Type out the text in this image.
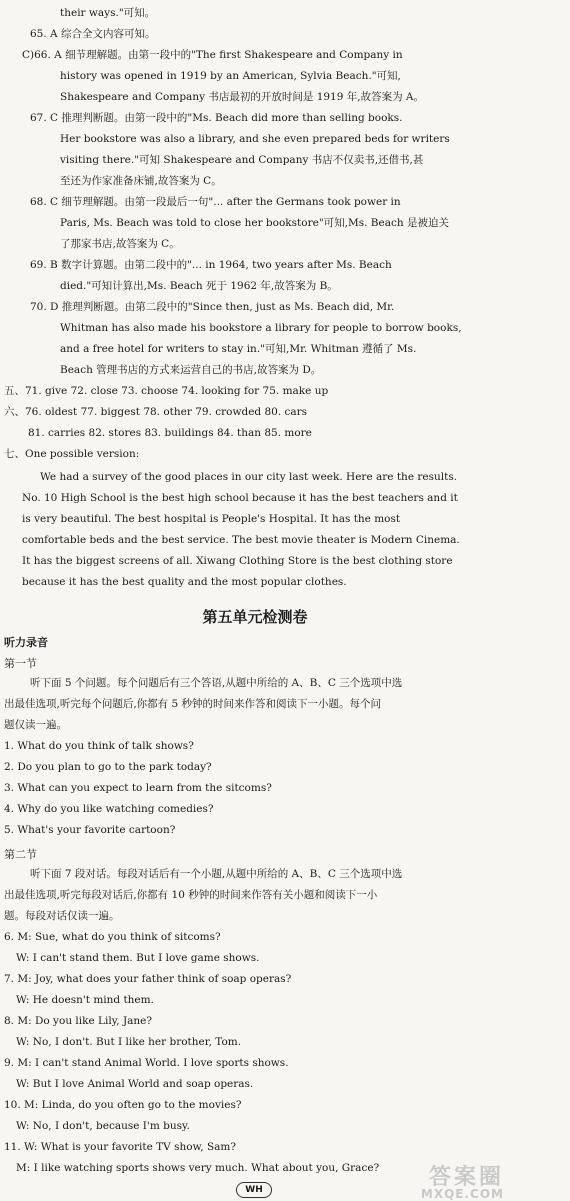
their ways."可知。
65. A 综合全文内容可知。
C)66. A 细节理解题。由第一段中的"The first Shakespeare and Company in
history was opened in 1919 by an American, Sylvia Beach."可知,
Shakespeare and Company 书店最初的开放时间是 1919 年,故答案为 A。
67. C 推理判断题。由第一段中的"Ms. Beach did more than selling books.
Her bookstore was also a library, and she even prepared beds for writers
visiting there."可知 Shakespeare and Company 书店不仅卖书,还借书,甚
至还为作家准备床铺,故答案为 C。
68. C 细节理解题。由第一段最后一句"... after the Germans took power in
Paris, Ms. Beach was told to close her bookstore"可知,Ms. Beach 是被迫关
了那家书店,故答案为 C。
69. B 数字计算题。由第二段中的"... in 1964, two years after Ms. Beach
died."可知计算出,Ms. Beach 死于 1962 年,故答案为 B。
70. D 推理判断题。由第二段中的"Since then, just as Ms. Beach did, Mr.
Whitman has also made his bookstore a library for people to borrow books,
and a free hotel for writers to stay in."可知,Mr. Whitman 遵循了 Ms.
Beach 管理书店的方式来运营自己的书店,故答案为 D。
五、71. give 72. close 73. choose 74. looking for 75. make up
六、76. oldest 77. biggest 78. other 79. crowded 80. cars
81. carries 82. stores 83. buildings 84. than 85. more
七、One possible version:
We had a survey of the good places in our city last week. Here are the results.
No. 10 High School is the best high school because it has the best teachers and it
is very beautiful. The best hospital is People's Hospital. It has the most
comfortable beds and the best service. The best movie theater is Modern Cinema.
It has the biggest screens of all. Xiwang Clothing Store is the best clothing store
because it has the best quality and the most popular clothes.
第五单元检测卷
听力录音
第一节
听下面 5 个问题。每个问题后有三个答语,从题中所给的 A、B、C 三个选项中选
出最佳选项,听完每个问题后,你都有 5 秒钟的时间来作答和阅读下一小题。每个问
题仅读一遍。
1. What do you think of talk shows?
2. Do you plan to go to the park today?
3. What can you expect to learn from the sitcoms?
4. Why do you like watching comedies?
5. What's your favorite cartoon?
第二节
听下面 7 段对话。每段对话后有一个小题,从题中所给的 A、B、C 三个选项中选
出最佳选项,听完每段对话后,你都有 10 秒钟的时间来作答有关小题和阅读下一小
题。每段对话仅读一遍。
6. M: Sue, what do you think of sitcoms?
W: I can't stand them. But I love game shows.
7. M: Joy, what does your father think of soap operas?
W: He doesn't mind them.
8. M: Do you like Lily, Jane?
W: No, I don't. But I like her brother, Tom.
9. M: I can't stand Animal World. I love sports shows.
W: But I love Animal World and soap operas.
10. M: Linda, do you often go to the movies?
W: No, I don't, because I'm busy.
11. W: What is your favorite TV show, Sam?
M: I like watching sports shows very much. What about you, Grace?
WH	答案圈
MXQE.COM
